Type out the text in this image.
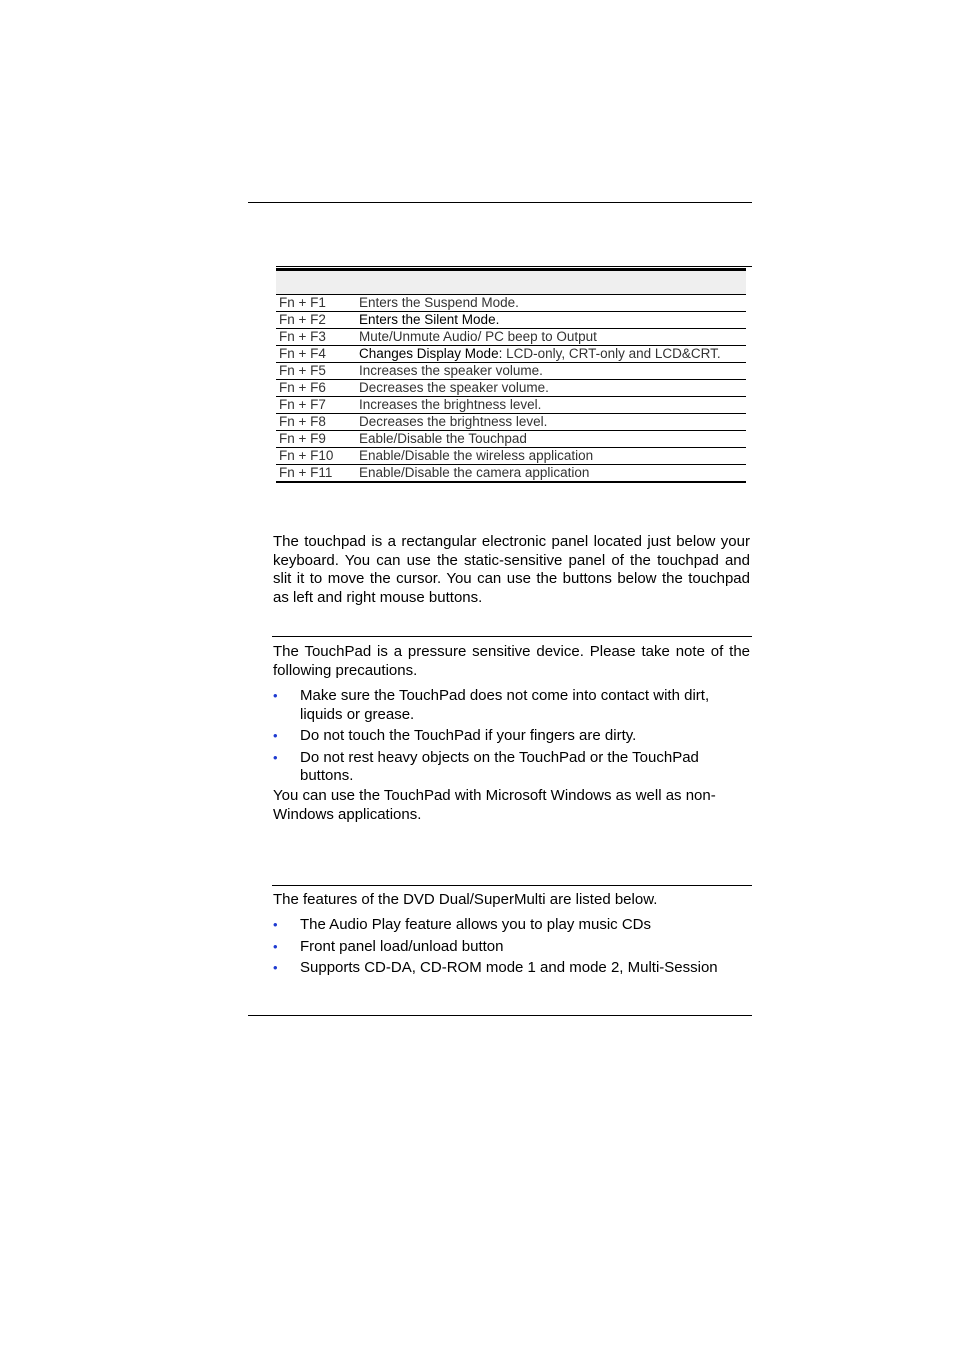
Fn + F1	Enters the Suspend Mode.
Fn + F2	Enters the Silent Mode.
Fn + F3	Mute/Unmute Audio/ PC beep to Output
Fn + F4	Changes Display Mode: LCD-only, CRT-only and LCD&CRT.
Fn + F5	Increases the speaker volume.
Fn + F6	Decreases the speaker volume.
Fn + F7	Increases the brightness level.
Fn + F8	Decreases the brightness level.
Fn + F9	Eable/Disable the Touchpad
Fn + F10	Enable/Disable the wireless application
Fn + F11	Enable/Disable the camera application

The touchpad is a rectangular electronic panel located just below your keyboard. You can use the static-sensitive panel of the touchpad and slit it to move the cursor. You can use the buttons below the touchpad as left and right mouse buttons.

The TouchPad is a pressure sensitive device. Please take note of the following precautions.

• Make sure the TouchPad does not come into contact with dirt, liquids or grease.
• Do not touch the TouchPad if your fingers are dirty.
• Do not rest heavy objects on the TouchPad or the TouchPad buttons.

You can use the TouchPad with Microsoft Windows as well as non-Windows applications.

The features of the DVD Dual/SuperMulti are listed below.

• The Audio Play feature allows you to play music CDs
• Front panel load/unload button
• Supports CD-DA, CD-ROM mode 1 and mode 2, Multi-Session
